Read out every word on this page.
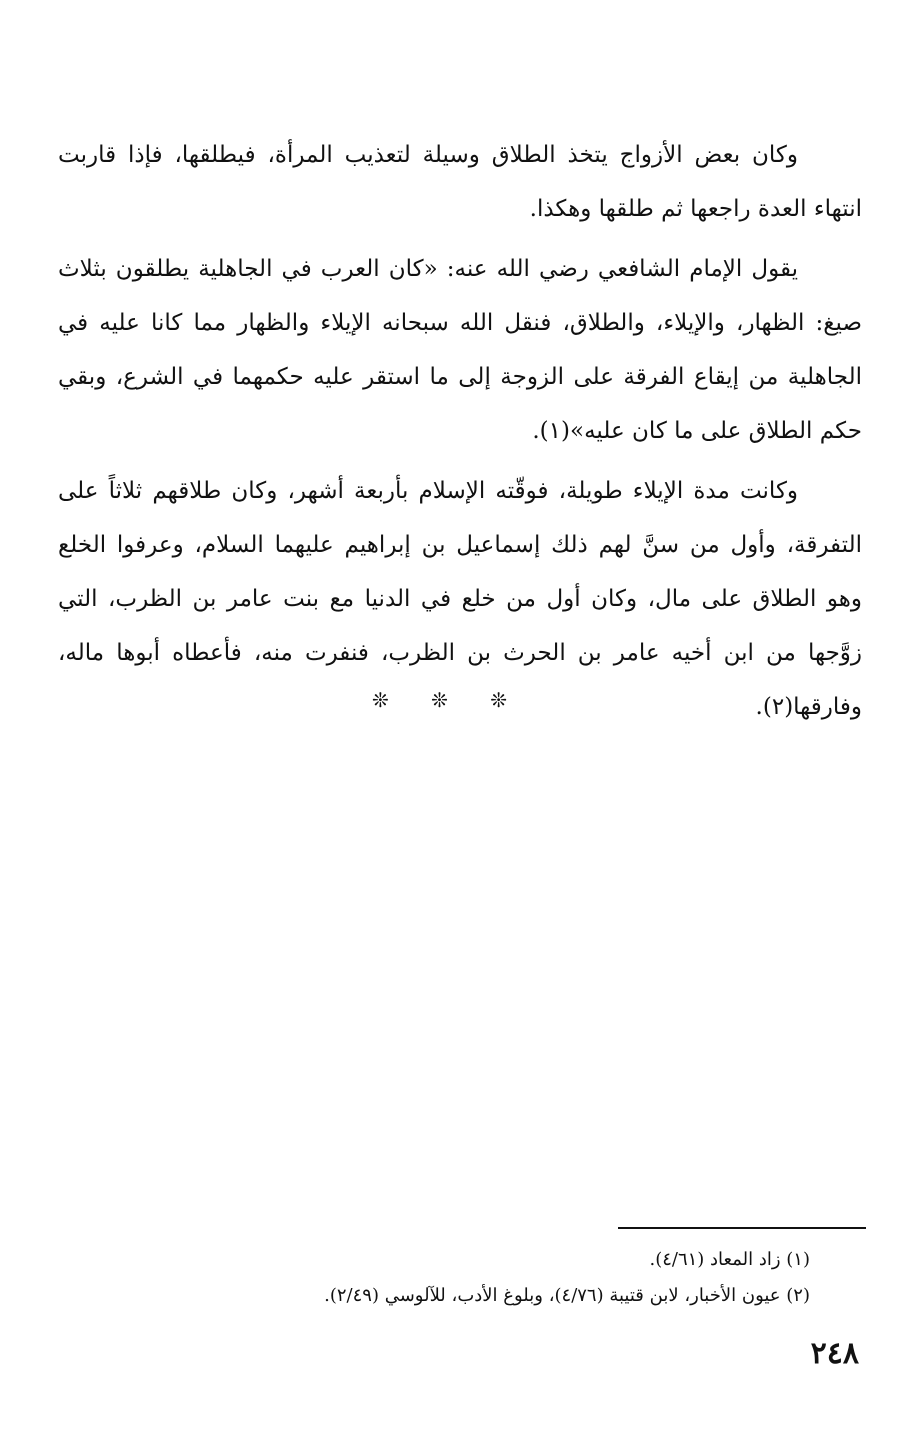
وكان بعض الأزواج يتخذ الطلاق وسيلة لتعذيب المرأة، فيطلقها، فإذا قاربت انتهاء العدة راجعها ثم طلقها وهكذا.

يقول الإمام الشافعي رضي الله عنه: «كان العرب في الجاهلية يطلقون بثلاث صيغ: الظهار، والإيلاء، والطلاق، فنقل الله سبحانه الإيلاء والظهار مما كانا عليه في الجاهلية من إيقاع الفرقة على الزوجة إلى ما استقر عليه حكمهما في الشرع، وبقي حكم الطلاق على ما كان عليه»(١).

وكانت مدة الإيلاء طويلة، فوقّته الإسلام بأربعة أشهر، وكان طلاقهم ثلاثاً على التفرقة، وأول من سنَّ لهم ذلك إسماعيل بن إبراهيم عليهما السلام، وعرفوا الخلع وهو الطلاق على مال، وكان أول من خلع في الدنيا مع بنت عامر بن الظرب، التي زوَّجها من ابن أخيه عامر بن الحرث بن الظرب، فنفرت منه، فأعطاه أبوها ماله، وفارقها(٢).

❊ ❊ ❊

(١) زاد المعاد (٤/٦١).

(٢) عيون الأخبار، لابن قتيبة (٤/٧٦)، وبلوغ الأدب، للآلوسي (٢/٤٩).

٢٤٨
